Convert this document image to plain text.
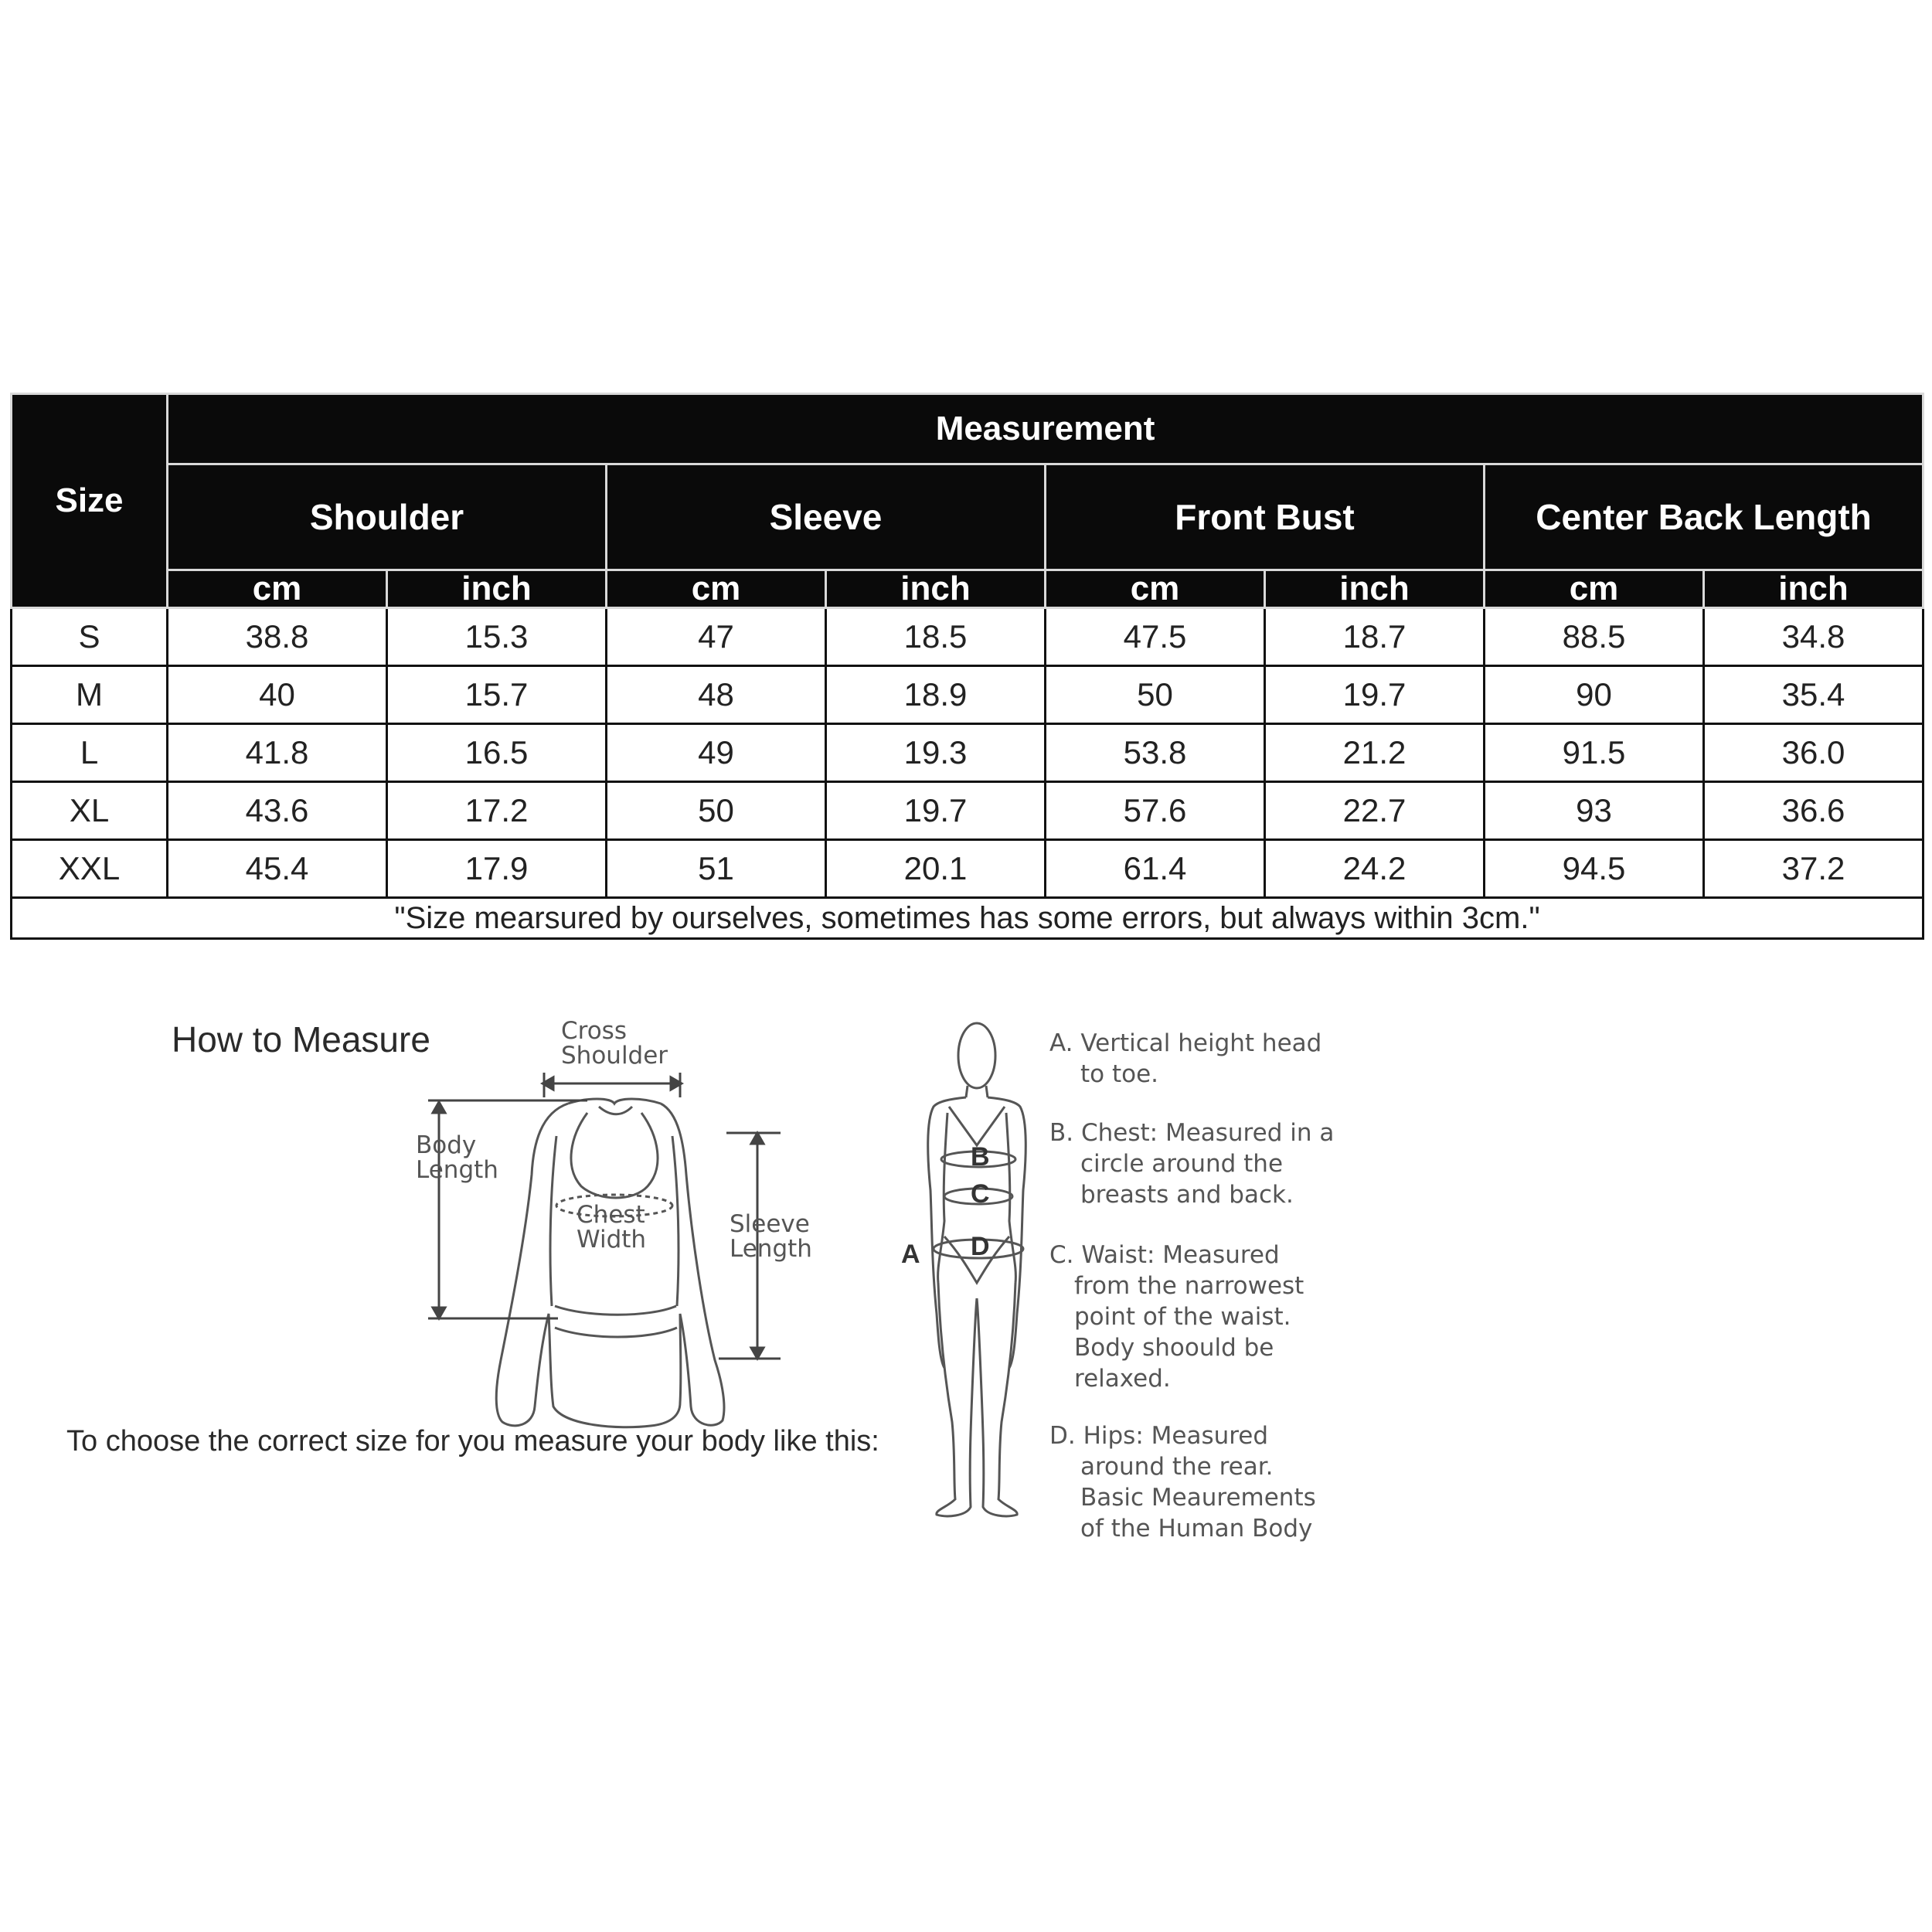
Size	Measurement							
	Shoulder		Sleeve		Front Bust		Center Back Length	
	cm	inch	cm	inch	cm	inch	cm	inch
S	38.8	15.3	47	18.5	47.5	18.7	88.5	34.8
M	40	15.7	48	18.9	50	19.7	90	35.4
L	41.8	16.5	49	19.3	53.8	21.2	91.5	36.0
XL	43.6	17.2	50	19.7	57.6	22.7	93	36.6
XXL	45.4	17.9	51	20.1	61.4	24.2	94.5	37.2
"Size mearsured by ourselves, sometimes has some errors, but always within 3cm."								
How to Measure
To choose the correct size for you measure your body like this:
Cross
Shoulder
Body
Length
Chest
Width
Sleeve
Length
B
C
D
A
A. Vertical height head
to toe.
B. Chest: Measured in a
circle around the
breasts and back.
C. Waist: Measured
from the narrowest
point of the waist.
Body shoould be
relaxed.
D. Hips: Measured
around the rear.
Basic Meaurements
of the Human Body
